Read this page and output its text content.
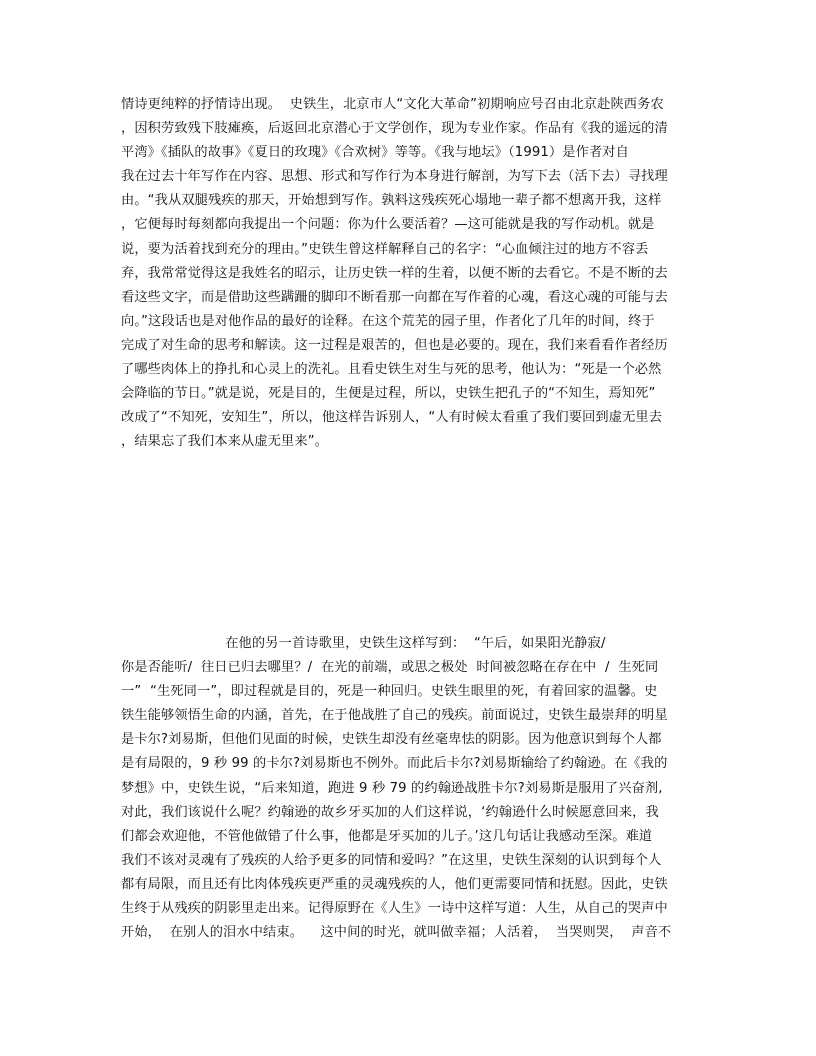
情诗更纯粹的抒情诗出现。  史铁生，北京市人“文化大革命”初期响应号召由北京赴陕西务农
，因积劳致残下肢瘫痪，后返回北京潜心于文学创作，现为专业作家。作品有《我的遥远的清
平湾》《插队的故事》《夏日的玫瑰》《合欢树》等等。《我与地坛》（1991）是作者对自
我在过去十年写作在内容、思想、形式和写作行为本身进行解剖，为写下去（活下去）寻找理
由。“我从双腿残疾的那天，开始想到写作。孰料这残疾死心塌地一辈子都不想离开我，这样
，它便每时每刻都向我提出一个问题：你为什么要活着？—这可能就是我的写作动机。就是
说，要为活着找到充分的理由。”史铁生曾这样解释自己的名字：“心血倾注过的地方不容丢
弃，我常常觉得这是我姓名的昭示，让历史铁一样的生着，以便不断的去看它。不是不断的去
看这些文字，而是借助这些蹒跚的脚印不断看那一向都在写作着的心魂，看这心魂的可能与去
向。”这段话也是对他作品的最好的诠释。在这个荒芜的园子里，作者化了几年的时间，终于
完成了对生命的思考和解读。这一过程是艰苦的，但也是必要的。现在，我们来看看作者经历
了哪些肉体上的挣扎和心灵上的洗礼。且看史铁生对生与死的思考，他认为：“死是一个必然
会降临的节日。”就是说，死是目的，生便是过程，所以，史铁生把孔子的“不知生，焉知死”
改成了“不知死，安知生”，所以，他这样告诉别人，“人有时候太看重了我们要回到虚无里去
，结果忘了我们本来从虚无里来”。
在他的另一首诗歌里，史铁生这样写到：  “午后，如果阳光静寂/
你是否能听/  往日已归去哪里？/  在光的前端，或思之极处  时间被忽略在存在中  /  生死同
一”  “生死同一”，即过程就是目的，死是一种回归。史铁生眼里的死，有着回家的温馨。史
铁生能够领悟生命的内涵，首先，在于他战胜了自己的残疾。前面说过，史铁生最崇拜的明星
是卡尔?刘易斯，但他们见面的时候，史铁生却没有丝毫卑怯的阴影。因为他意识到每个人都
是有局限的，9 秒 99 的卡尔?刘易斯也不例外。而此后卡尔?刘易斯输给了约翰逊。在《我的
梦想》中，史铁生说，“后来知道，跑进 9 秒 79 的约翰逊战胜卡尔?刘易斯是服用了兴奋剂,
对此，我们该说什么呢？约翰逊的故乡牙买加的人们这样说，‘约翰逊什么时候愿意回来，我
们都会欢迎他，不管他做错了什么事，他都是牙买加的儿子。’这几句话让我感动至深。难道
我们不该对灵魂有了残疾的人给予更多的同情和爱吗？”在这里，史铁生深刻的认识到每个人
都有局限，而且还有比肉体残疾更严重的灵魂残疾的人，他们更需要同情和抚慰。因此，史铁
生终于从残疾的阴影里走出来。记得原野在《人生》一诗中这样写道：人生，从自己的哭声中
开始，  在别人的泪水中结束。    这中间的时光，就叫做幸福；人活着，  当哭则哭，  声音不
